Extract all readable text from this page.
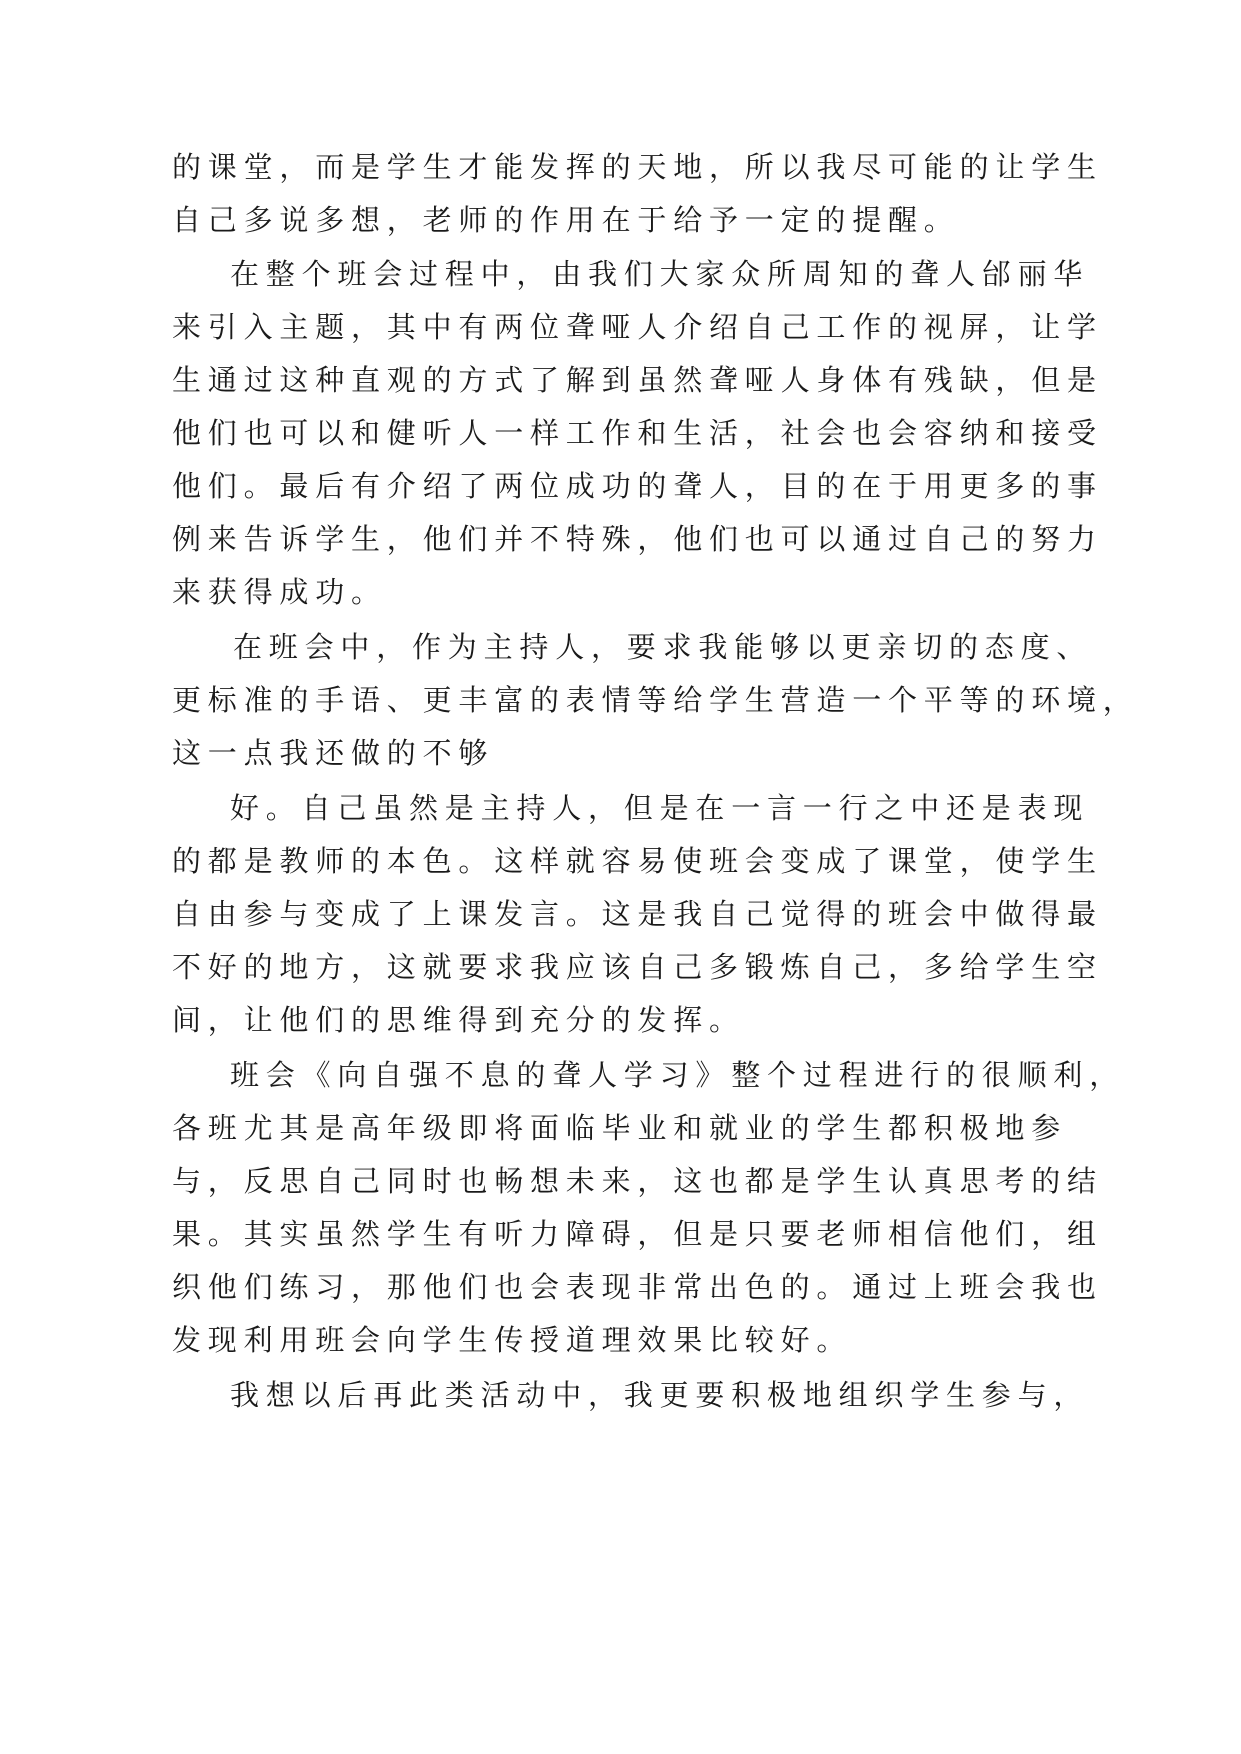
的课堂，而是学生才能发挥的天地，所以我尽可能的让学生
自己多说多想，老师的作用在于给予一定的提醒。
在整个班会过程中，由我们大家众所周知的聋人邰丽华
来引入主题，其中有两位聋哑人介绍自己工作的视屏，让学
生通过这种直观的方式了解到虽然聋哑人身体有残缺，但是
他们也可以和健听人一样工作和生活，社会也会容纳和接受
他们。最后有介绍了两位成功的聋人，目的在于用更多的事
例来告诉学生，他们并不特殊，他们也可以通过自己的努力
来获得成功。
在班会中，作为主持人，要求我能够以更亲切的态度、
更标准的手语、更丰富的表情等给学生营造一个平等的环境，
这一点我还做的不够
好。自己虽然是主持人，但是在一言一行之中还是表现
的都是教师的本色。这样就容易使班会变成了课堂，使学生
自由参与变成了上课发言。这是我自己觉得的班会中做得最
不好的地方，这就要求我应该自己多锻炼自己，多给学生空
间，让他们的思维得到充分的发挥。
班会《向自强不息的聋人学习》整个过程进行的很顺利，
各班尤其是高年级即将面临毕业和就业的学生都积极地参
与，反思自己同时也畅想未来，这也都是学生认真思考的结
果。其实虽然学生有听力障碍，但是只要老师相信他们，组
织他们练习，那他们也会表现非常出色的。通过上班会我也
发现利用班会向学生传授道理效果比较好。
我想以后再此类活动中，我更要积极地组织学生参与，
